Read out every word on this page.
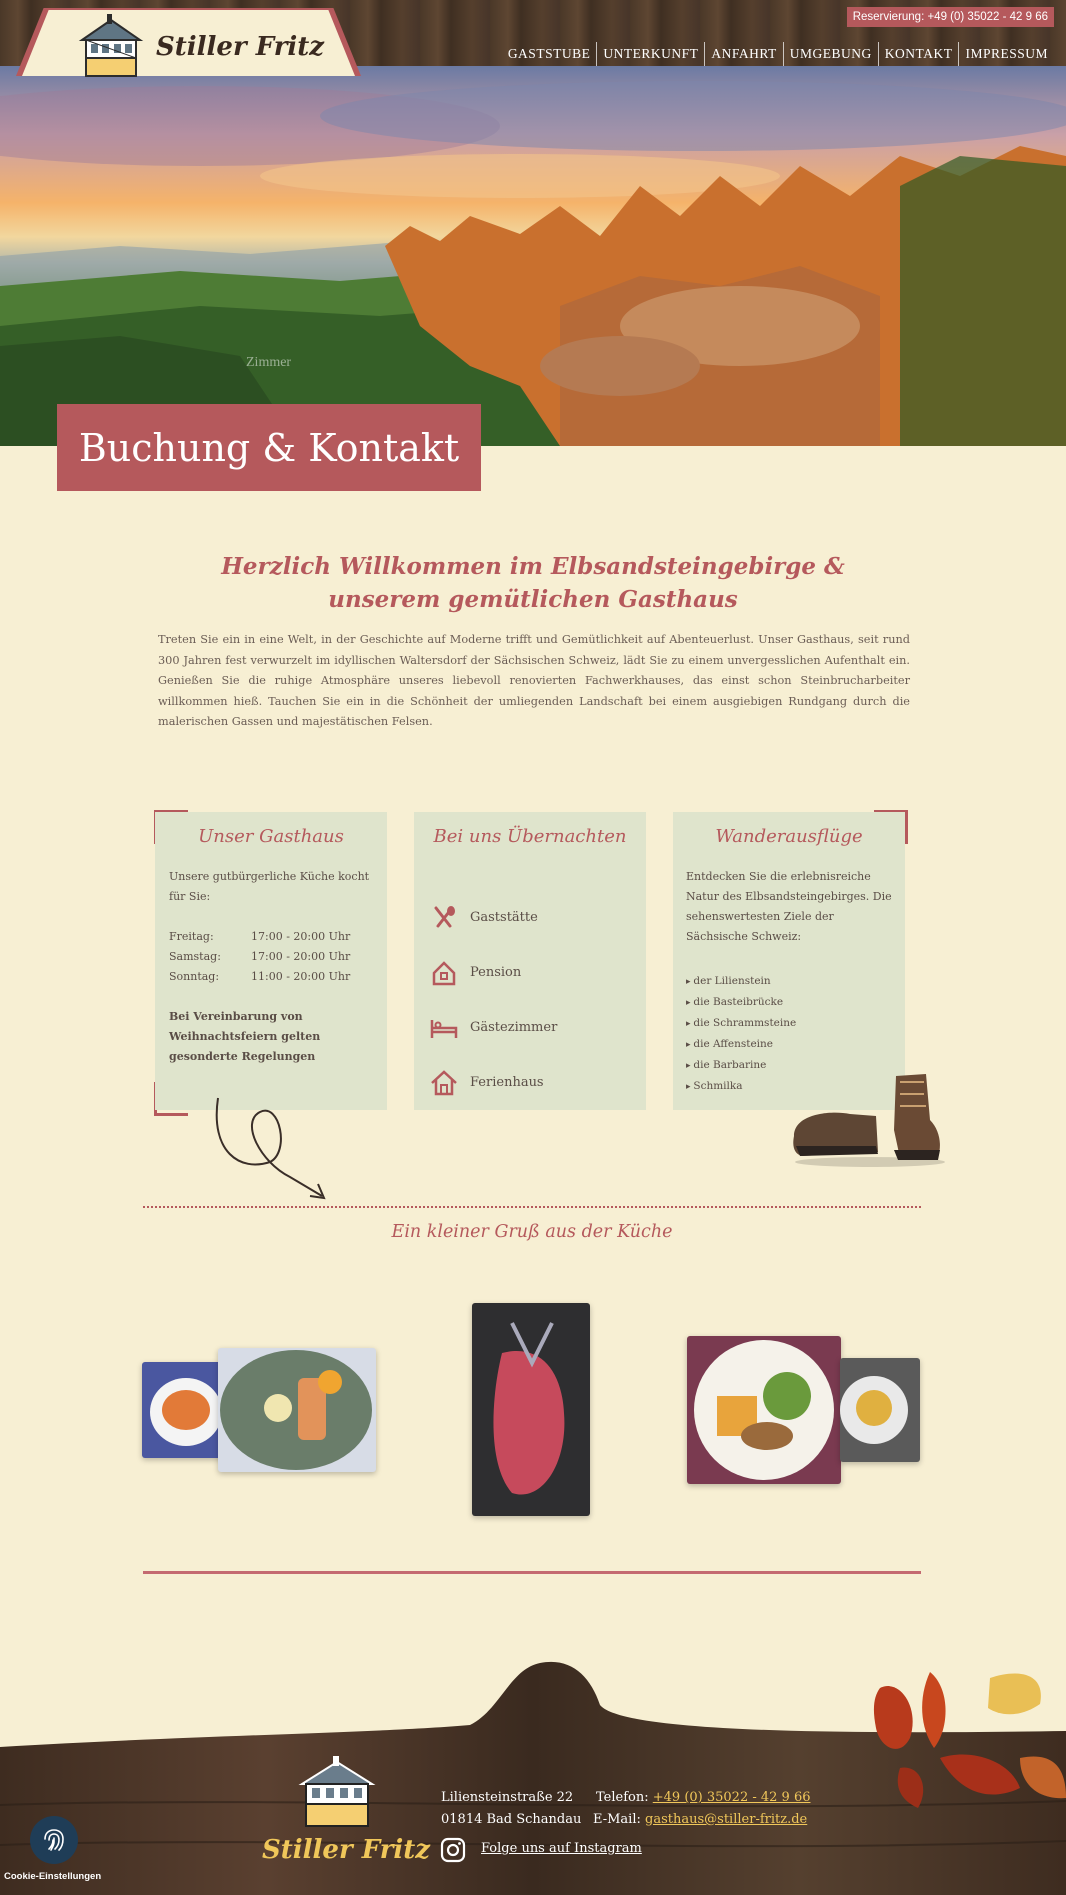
Stiller Fritz
Reservierung: +49 (0) 35022 - 42 9 66
GASTSTUBE UNTERKUNFT ANFAHRT UMGEBUNG KONTAKT IMPRESSUM
Zimmer
Buchung & Kontakt
Herzlich Willkommen im Elbsandsteingebirge &
unserem gemütlichen Gasthaus

Treten Sie ein in eine Welt, in der Geschichte auf Moderne trifft und Gemütlichkeit auf Abenteuerlust. Unser Gasthaus, seit rund 300 Jahren fest verwurzelt im idyllischen Waltersdorf der Sächsischen Schweiz, lädt Sie zu einem unvergesslichen Aufenthalt ein. Genießen Sie die ruhige Atmosphäre unseres liebevoll renovierten Fachwerkhauses, das einst schon Steinbrucharbeiter willkommen hieß. Tauchen Sie ein in die Schönheit der umliegenden Landschaft bei einem ausgiebigen Rundgang durch die malerischen Gassen und majestätischen Felsen.

Unser Gasthaus
Unsere gutbürgerliche Küche kocht für Sie:
Freitag:	17:00 - 20:00 Uhr
Samstag:	17:00 - 20:00 Uhr
Sonntag:	11:00 - 20:00 Uhr
Bei Vereinbarung von Weihnachtsfeiern gelten gesonderte Regelungen
Bei uns Übernachten
Gaststätte
Pension
Gästezimmer
Ferienhaus
Wanderausflüge
Entdecken Sie die erlebnisreiche Natur des Elbsandsteingebirges. Die sehenswertesten Ziele der Sächsische Schweiz:
▸ der Lilienstein
▸ die Basteibrücke
▸ die Schrammsteine
▸ die Affensteine
▸ die Barbarine
▸ Schmilka
Ein kleiner Gruß aus der Küche
Stiller Fritz
Liliensteinstraße 22
01814 Bad Schandau
Telefon: +49 (0) 35022 - 42 9 66
E-Mail: gasthaus@stiller-fritz.de
Folge uns auf Instagram
Cookie-Einstellungen
